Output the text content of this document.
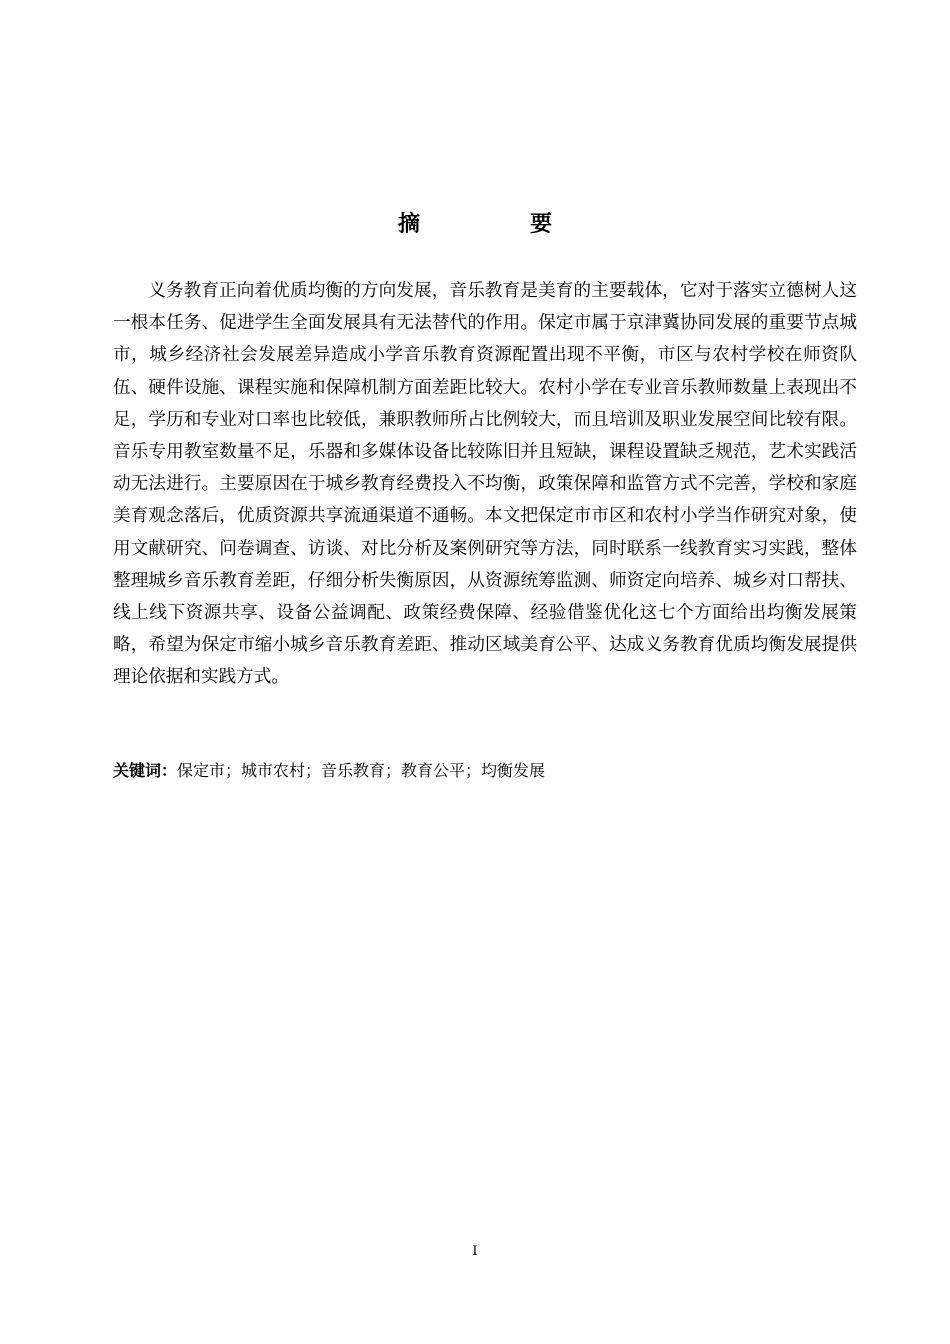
摘　要

义务教育正向着优质均衡的方向发展，音乐教育是美育的主要载体，它对于落实立德树人这一根本任务、促进学生全面发展具有无法替代的作用。保定市属于京津冀协同发展的重要节点城市，城乡经济社会发展差异造成小学音乐教育资源配置出现不平衡，市区与农村学校在师资队伍、硬件设施、课程实施和保障机制方面差距比较大。农村小学在专业音乐教师数量上表现出不足，学历和专业对口率也比较低，兼职教师所占比例较大，而且培训及职业发展空间比较有限。音乐专用教室数量不足，乐器和多媒体设备比较陈旧并且短缺，课程设置缺乏规范，艺术实践活动无法进行。主要原因在于城乡教育经费投入不均衡，政策保障和监管方式不完善，学校和家庭美育观念落后，优质资源共享流通渠道不通畅。本文把保定市市区和农村小学当作研究对象，使用文献研究、问卷调查、访谈、对比分析及案例研究等方法，同时联系一线教育实习实践，整体整理城乡音乐教育差距，仔细分析失衡原因，从资源统筹监测、师资定向培养、城乡对口帮扶、线上线下资源共享、设备公益调配、政策经费保障、经验借鉴优化这七个方面给出均衡发展策略，希望为保定市缩小城乡音乐教育差距、推动区域美育公平、达成义务教育优质均衡发展提供理论依据和实践方式。

关键词：保定市；城市农村；音乐教育；教育公平；均衡发展

I
